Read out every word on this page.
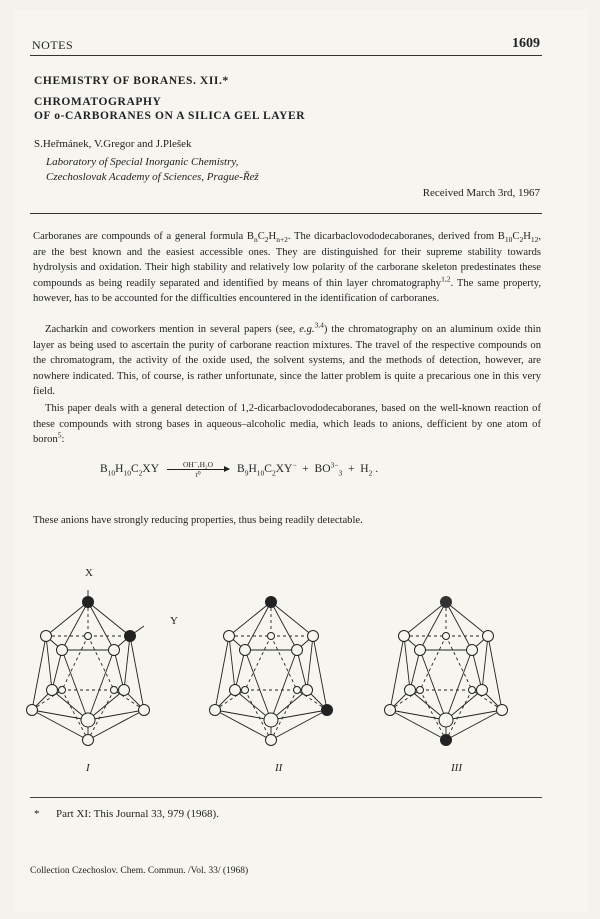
NOTES	1609
CHEMISTRY OF BORANES. XII.*
CHROMATOGRAPHY
OF o-CARBORANES ON A SILICA GEL LAYER
S.Heřmánek, V.Gregor and J.Plešek
Laboratory of Special Inorganic Chemistry,
Czechoslovak Academy of Sciences, Prague-Řež
Received March 3rd, 1967

Carboranes are compounds of a general formula $B_nC_2H_{n+2}$. The dicarbaclovododecaboranes, derived from $B_{10}C_2H_{12}$, are the best known and the easiest accessible ones. They are distinguished for their supreme stability towards hydrolysis and oxidation. Their high stability and relatively low polarity of the carborane skeleton predestinates these compounds as being readily separated and identified by means of thin layer chromatography$^{1,2}$. The same property, however, has to be accounted for the difficulties encountered in the identification of carboranes.

Zacharkin and coworkers mention in several papers (see, e.g.$^{3,4}$) the chromatography on an aluminum oxide thin layer as being used to ascertain the purity of carborane reaction mixtures. The travel of the respective compounds on the chromatogram, the activity of the oxide used, the solvent systems, and the methods of detection, however, are nowhere indicated. This, of course, is rather unfortunate, since the latter problem is quite a precarious one in this very field.

This paper deals with a general detection of 1,2-dicarbaclovododecaboranes, based on the well-known reaction of these compounds with strong bases in aqueous–alcoholic media, which leads to anions, defficient by one atom of boron$^5$:

$B_{10}H_{10}C_2XY \frac{\text{OH⁻,H₂O}}{\text{t⁰}} B_9H_{10}C_2XY^- + BO^{3-}_3 + H_2$ .

These anions have strongly reducing properties, thus being readily detectable.

X
Y
I	II	III
*      Part XI: This Journal 33, 979 (1968).
Collection Czechoslov. Chem. Commun. /Vol. 33/ (1968)
